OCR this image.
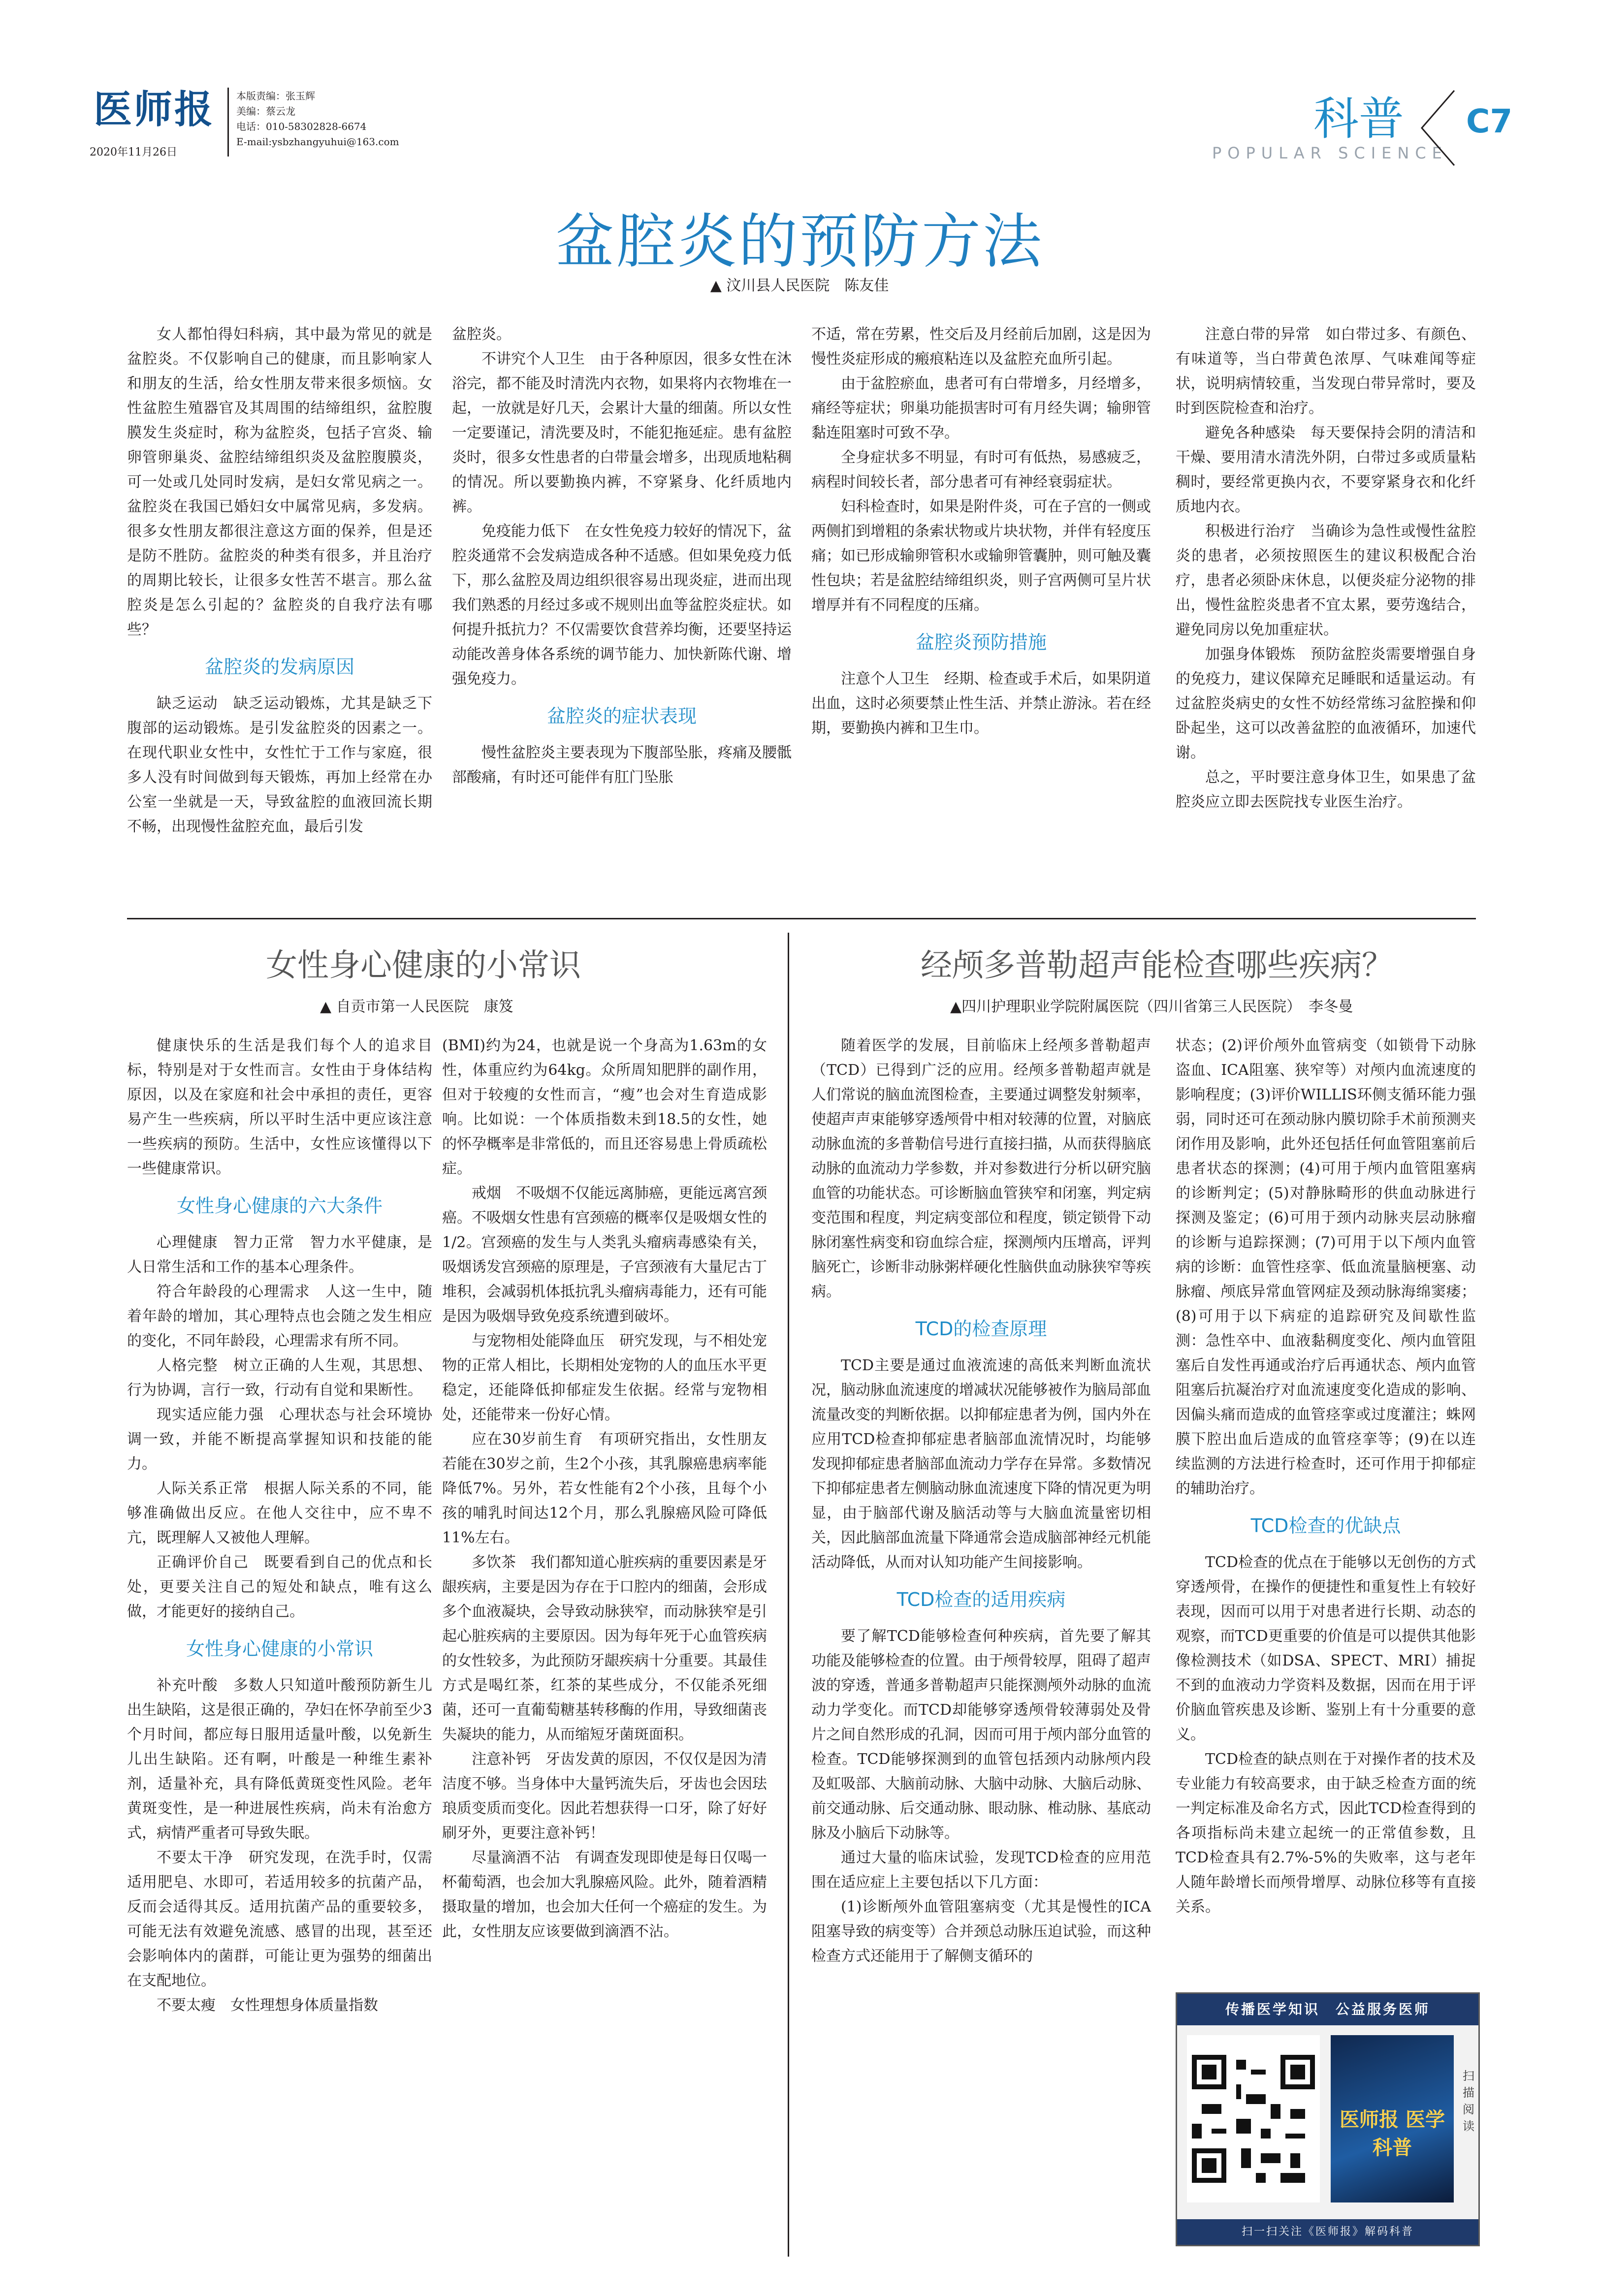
医师报
2020年11月26日
本版责编：张玉辉
美编：蔡云龙
电话：010-58302828-6674
E-mail:ysbzhangyuhui@163.com	科普
POPULAR SCIENCE
C7
盆腔炎的预防方法
▲ 汶川县人民医院　陈友佳

女人都怕得妇科病，其中最为常见的就是盆腔炎。不仅影响自己的健康，而且影响家人和朋友的生活，给女性朋友带来很多烦恼。女性盆腔生殖器官及其周围的结缔组织，盆腔腹膜发生炎症时，称为盆腔炎，包括子宫炎、输卵管卵巢炎、盆腔结缔组织炎及盆腔腹膜炎，可一处或几处同时发病，是妇女常见病之一。盆腔炎在我国已婚妇女中属常见病，多发病。很多女性朋友都很注意这方面的保养，但是还是防不胜防。盆腔炎的种类有很多，并且治疗的周期比较长，让很多女性苦不堪言。那么盆腔炎是怎么引起的？盆腔炎的自我疗法有哪些？

盆腔炎的发病原因

缺乏运动　缺乏运动锻炼，尤其是缺乏下腹部的运动锻炼。是引发盆腔炎的因素之一。在现代职业女性中，女性忙于工作与家庭，很多人没有时间做到每天锻炼，再加上经常在办公室一坐就是一天，导致盆腔的血液回流长期不畅，出现慢性盆腔充血，最后引发

盆腔炎。

不讲究个人卫生　由于各种原因，很多女性在沐浴完，都不能及时清洗内衣物，如果将内衣物堆在一起，一放就是好几天，会累计大量的细菌。所以女性一定要谨记，清洗要及时，不能犯拖延症。患有盆腔炎时，很多女性患者的白带量会增多，出现质地粘稠的情况。所以要勤换内裤，不穿紧身、化纤质地内裤。

免疫能力低下　在女性免疫力较好的情况下，盆腔炎通常不会发病造成各种不适感。但如果免疫力低下，那么盆腔及周边组织很容易出现炎症，进而出现我们熟悉的月经过多或不规则出血等盆腔炎症状。如何提升抵抗力？不仅需要饮食营养均衡，还要坚持运动能改善身体各系统的调节能力、加快新陈代谢、增强免疫力。

盆腔炎的症状表现

慢性盆腔炎主要表现为下腹部坠胀，疼痛及腰骶部酸痛，有时还可能伴有肛门坠胀

不适，常在劳累，性交后及月经前后加剧，这是因为慢性炎症形成的瘢痕粘连以及盆腔充血所引起。

由于盆腔瘀血，患者可有白带增多，月经增多，痛经等症状；卵巢功能损害时可有月经失调；输卵管黏连阻塞时可致不孕。

全身症状多不明显，有时可有低热，易感疲乏，病程时间较长者，部分患者可有神经衰弱症状。

妇科检查时，如果是附件炎，可在子宫的一侧或两侧扪到增粗的条索状物或片块状物，并伴有轻度压痛；如已形成输卵管积水或输卵管囊肿，则可触及囊性包块；若是盆腔结缔组织炎，则子宫两侧可呈片状增厚并有不同程度的压痛。

盆腔炎预防措施

注意个人卫生　经期、检查或手术后，如果阴道出血，这时必须要禁止性生活、并禁止游泳。若在经期，要勤换内裤和卫生巾。

注意白带的异常　如白带过多、有颜色、有味道等，当白带黄色浓厚、气味难闻等症状，说明病情较重，当发现白带异常时，要及时到医院检查和治疗。

避免各种感染　每天要保持会阴的清洁和干燥、要用清水清洗外阴，白带过多或质量粘稠时，要经常更换内衣，不要穿紧身衣和化纤质地内衣。

积极进行治疗　当确诊为急性或慢性盆腔炎的患者，必须按照医生的建议积极配合治疗，患者必须卧床休息，以便炎症分泌物的排出，慢性盆腔炎患者不宜太累，要劳逸结合，避免同房以免加重症状。

加强身体锻炼　预防盆腔炎需要增强自身的免疫力，建议保障充足睡眠和适量运动。有过盆腔炎病史的女性不妨经常练习盆腔操和仰卧起坐，这可以改善盆腔的血液循环，加速代谢。

总之，平时要注意身体卫生，如果患了盆腔炎应立即去医院找专业医生治疗。

女性身心健康的小常识
▲ 自贡市第一人民医院　康笈

健康快乐的生活是我们每个人的追求目标，特别是对于女性而言。女性由于身体结构原因，以及在家庭和社会中承担的责任，更容易产生一些疾病，所以平时生活中更应该注意一些疾病的预防。生活中，女性应该懂得以下一些健康常识。

女性身心健康的六大条件

心理健康　智力正常　智力水平健康，是人日常生活和工作的基本心理条件。

符合年龄段的心理需求　人这一生中，随着年龄的增加，其心理特点也会随之发生相应的变化，不同年龄段，心理需求有所不同。

人格完整　树立正确的人生观，其思想、行为协调，言行一致，行动有自觉和果断性。

现实适应能力强　心理状态与社会环境协调一致，并能不断提高掌握知识和技能的能力。

人际关系正常　根据人际关系的不同，能够准确做出反应。在他人交往中，应不卑不亢，既理解人又被他人理解。

正确评价自己　既要看到自己的优点和长处，更要关注自己的短处和缺点，唯有这么做，才能更好的接纳自己。

女性身心健康的小常识

补充叶酸　多数人只知道叶酸预防新生儿出生缺陷，这是很正确的，孕妇在怀孕前至少3个月时间，都应每日服用适量叶酸，以免新生儿出生缺陷。还有啊，叶酸是一种维生素补剂，适量补充，具有降低黄斑变性风险。老年黄斑变性，是一种进展性疾病，尚未有治愈方式，病情严重者可导致失眠。

不要太干净　研究发现，在洗手时，仅需适用肥皂、水即可，若适用较多的抗菌产品，反而会适得其反。适用抗菌产品的重要较多，可能无法有效避免流感、感冒的出现，甚至还会影响体内的菌群，可能让更为强势的细菌出在支配地位。

不要太瘦　女性理想身体质量指数

(BMI)约为24，也就是说一个身高为1.63m的女性，体重应约为64kg。众所周知肥胖的副作用，但对于较瘦的女性而言，“瘦”也会对生育造成影响。比如说：一个体质指数未到18.5的女性，她的怀孕概率是非常低的，而且还容易患上骨质疏松症。

戒烟　不吸烟不仅能远离肺癌，更能远离宫颈癌。不吸烟女性患有宫颈癌的概率仅是吸烟女性的1/2。宫颈癌的发生与人类乳头瘤病毒感染有关，吸烟诱发宫颈癌的原理是，子宫颈液有大量尼古丁堆积，会减弱机体抵抗乳头瘤病毒能力，还有可能是因为吸烟导致免疫系统遭到破坏。

与宠物相处能降血压　研究发现，与不相处宠物的正常人相比，长期相处宠物的人的血压水平更稳定，还能降低抑郁症发生依据。经常与宠物相处，还能带来一份好心情。

应在30岁前生育　有项研究指出，女性朋友若能在30岁之前，生2个小孩，其乳腺癌患病率能降低7%。另外，若女性能有2个小孩，且每个小孩的哺乳时间达12个月，那么乳腺癌风险可降低11%左右。

多饮茶　我们都知道心脏疾病的重要因素是牙龈疾病，主要是因为存在于口腔内的细菌，会形成多个血液凝块，会导致动脉狭窄，而动脉狭窄是引起心脏疾病的主要原因。因为每年死于心血管疾病的女性较多，为此预防牙龈疾病十分重要。其最佳方式是喝红茶，红茶的某些成分，不仅能杀死细菌，还可一直葡萄糖基转移酶的作用，导致细菌丧失凝块的能力，从而缩短牙菌斑面积。

注意补钙　牙齿发黄的原因，不仅仅是因为清洁度不够。当身体中大量钙流失后，牙齿也会因珐琅质变质而变化。因此若想获得一口牙，除了好好刷牙外，更要注意补钙！

尽量滴酒不沾　有调查发现即使是每日仅喝一杯葡萄酒，也会加大乳腺癌风险。此外，随着酒精摄取量的增加，也会加大任何一个癌症的发生。为此，女性朋友应该要做到滴酒不沾。

经颅多普勒超声能检查哪些疾病？
▲四川护理职业学院附属医院（四川省第三人民医院）　李冬曼

随着医学的发展，目前临床上经颅多普勒超声（TCD）已得到广泛的应用。经颅多普勒超声就是人们常说的脑血流图检查，主要通过调整发射频率，使超声声束能够穿透颅骨中相对较薄的位置，对脑底动脉血流的多普勒信号进行直接扫描，从而获得脑底动脉的血流动力学参数，并对参数进行分析以研究脑血管的功能状态。可诊断脑血管狭窄和闭塞，判定病变范围和程度，判定病变部位和程度，锁定锁骨下动脉闭塞性病变和窃血综合症，探测颅内压增高，评判脑死亡，诊断非动脉粥样硬化性脑供血动脉狭窄等疾病。

TCD的检查原理

TCD主要是通过血液流速的高低来判断血流状况，脑动脉血流速度的增减状况能够被作为脑局部血流量改变的判断依据。以抑郁症患者为例，国内外在应用TCD检查抑郁症患者脑部血流情况时，均能够发现抑郁症患者脑部血流动力学存在异常。多数情况下抑郁症患者左侧脑动脉血流速度下降的情况更为明显，由于脑部代谢及脑活动等与大脑血流量密切相关，因此脑部血流量下降通常会造成脑部神经元机能活动降低，从而对认知功能产生间接影响。

TCD检查的适用疾病

要了解TCD能够检查何种疾病，首先要了解其功能及能够检查的位置。由于颅骨较厚，阻碍了超声波的穿透，普通多普勒超声只能探测颅外动脉的血流动力学变化。而TCD却能够穿透颅骨较薄弱处及骨片之间自然形成的孔洞，因而可用于颅内部分血管的检查。TCD能够探测到的血管包括颈内动脉颅内段及虹吸部、大脑前动脉、大脑中动脉、大脑后动脉、前交通动脉、后交通动脉、眼动脉、椎动脉、基底动脉及小脑后下动脉等。

通过大量的临床试验，发现TCD检查的应用范围在适应症上主要包括以下几方面：

(1)诊断颅外血管阻塞病变（尤其是慢性的ICA阻塞导致的病变等）合并颈总动脉压迫试验，而这种检查方式还能用于了解侧支循环的

状态；(2)评价颅外血管病变（如锁骨下动脉盗血、ICA阻塞、狭窄等）对颅内血流速度的影响程度；(3)评价WILLIS环侧支循环能力强弱，同时还可在颈动脉内膜切除手术前预测夹闭作用及影响，此外还包括任何血管阻塞前后患者状态的探测；(4)可用于颅内血管阻塞病的诊断判定；(5)对静脉畸形的供血动脉进行探测及鉴定；(6)可用于颈内动脉夹层动脉瘤的诊断与追踪探测；(7)可用于以下颅内血管病的诊断：血管性痉挛、低血流量脑梗塞、动脉瘤、颅底异常血管网症及颈动脉海绵窦痿；(8)可用于以下病症的追踪研究及间歇性监测：急性卒中、血液黏稠度变化、颅内血管阻塞后自发性再通或治疗后再通状态、颅内血管阻塞后抗凝治疗对血流速度变化造成的影响、因偏头痛而造成的血管痉挛或过度灌注；蛛网膜下腔出血后造成的血管痉挛等；(9)在以连续监测的方法进行检查时，还可作用于抑郁症的辅助治疗。

TCD检查的优缺点

TCD检查的优点在于能够以无创伤的方式穿透颅骨，在操作的便捷性和重复性上有较好表现，因而可以用于对患者进行长期、动态的观察，而TCD更重要的价值是可以提供其他影像检测技术（如DSA、SPECT、MRI）捕捉不到的血液动力学资料及数据，因而在用于评价脑血管疾患及诊断、鉴别上有十分重要的意义。

TCD检查的缺点则在于对操作者的技术及专业能力有较高要求，由于缺乏检查方面的统一判定标准及命名方式，因此TCD检查得到的各项指标尚未建立起统一的正常值参数，且TCD检查具有2.7%-5%的失败率，这与老年人随年龄增长而颅骨增厚、动脉位移等有直接关系。

传播医学知识　公益服务医师
医师报 医学科普
扫描阅读
扫一扫关注《医师报》解码科普
